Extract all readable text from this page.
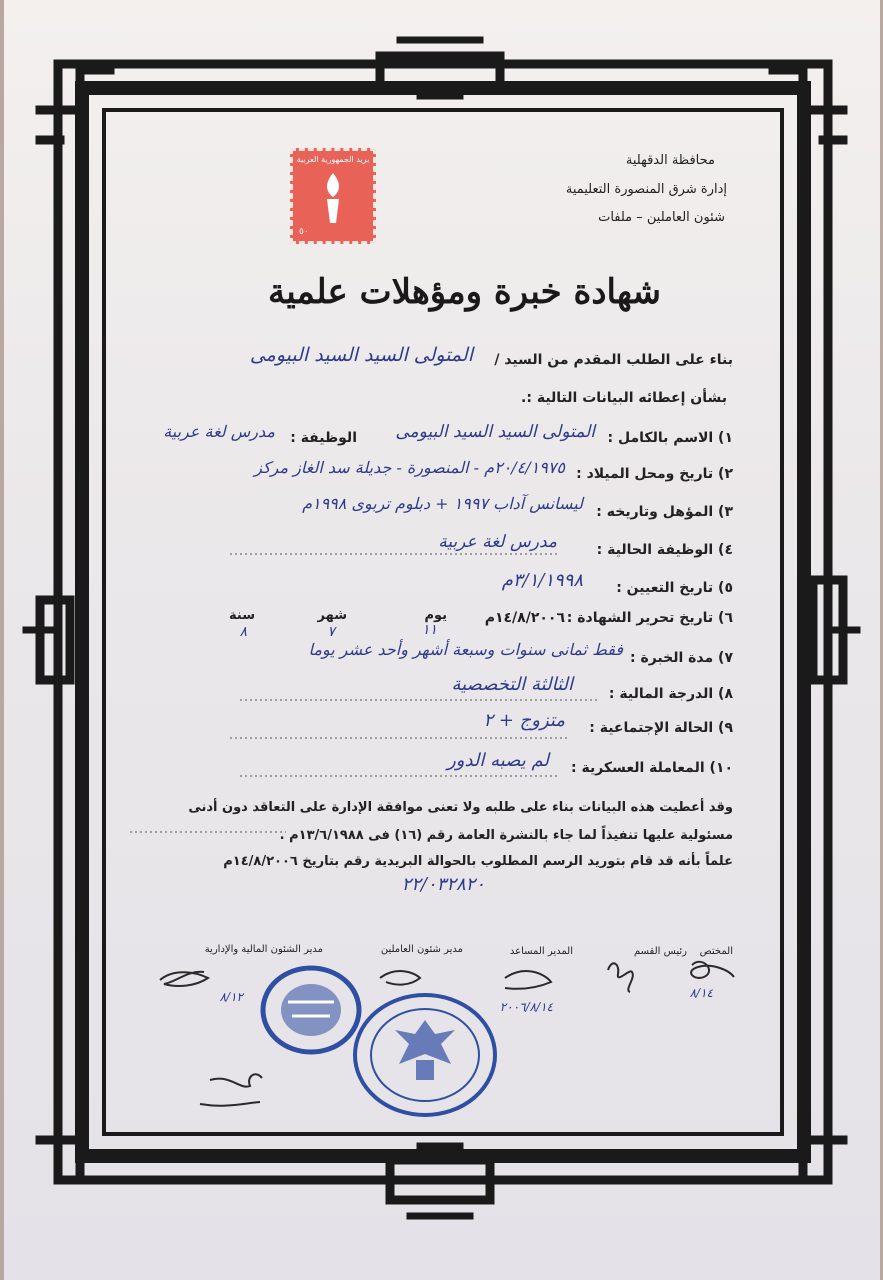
محافظة الدقهلية
إدارة شرق المنصورة التعليمية
شئون العاملين – ملفات
بريد الجمهورية العربية
٥٠
شهادة خبرة ومؤهلات علمية
بناء على الطلب المقدم من السيد /
المتولى السيد السيد البيومى
بشأن إعطائه البيانات التالية :.
١) الاسم بالكامل :
المتولى السيد السيد البيومى
الوظيفة :
مدرس لغة عربية
٢) تاريخ ومحل الميلاد :
٢٠/٤/١٩٧٥م - المنصورة - جديلة سد الغاز مركز
٣) المؤهل وتاريخه :
ليسانس آداب ١٩٩٧ + دبلوم تربوى ١٩٩٨م
٤) الوظيفة الحالية :
مدرس لغة عربية
٥) تاريخ التعيين :
٣/١/١٩٩٨م
٦) تاريخ تحرير الشهادة :
١٤/٨/٢٠٠٦م
يوم
شهر
سنة
١١
٧
٨
٧) مدة الخبرة :
فقط ثمانى سنوات وسبعة أشهر وأحد عشر يوما
٨) الدرجة المالية :
الثالثة التخصصية
٩) الحالة الإجتماعية :
متزوج + ٢
١٠) المعاملة العسكرية :
لم يصبه الدور
وقد أعطيت هذه البيانات بناء على طلبه ولا تعنى موافقة الإدارة على التعاقد دون أدنى
مسئولية عليها تنفيذاً لما جاء بالنشرة العامة رقم (١٦) فى ١٣/٦/١٩٨٨م .
علماً بأنه قد قام بتوريد الرسم المطلوب بالحوالة البريدية رقم بتاريخ ١٤/٨/٢٠٠٦م
٢٢/٠٣٢٨٢٠
المختص
رئيس القسم
المدير المساعد
مدير شئون العاملين
مدير الشئون المالية والإدارية
٨/١٤
٢٠٠٦/٨/١٤
٨/١٢
